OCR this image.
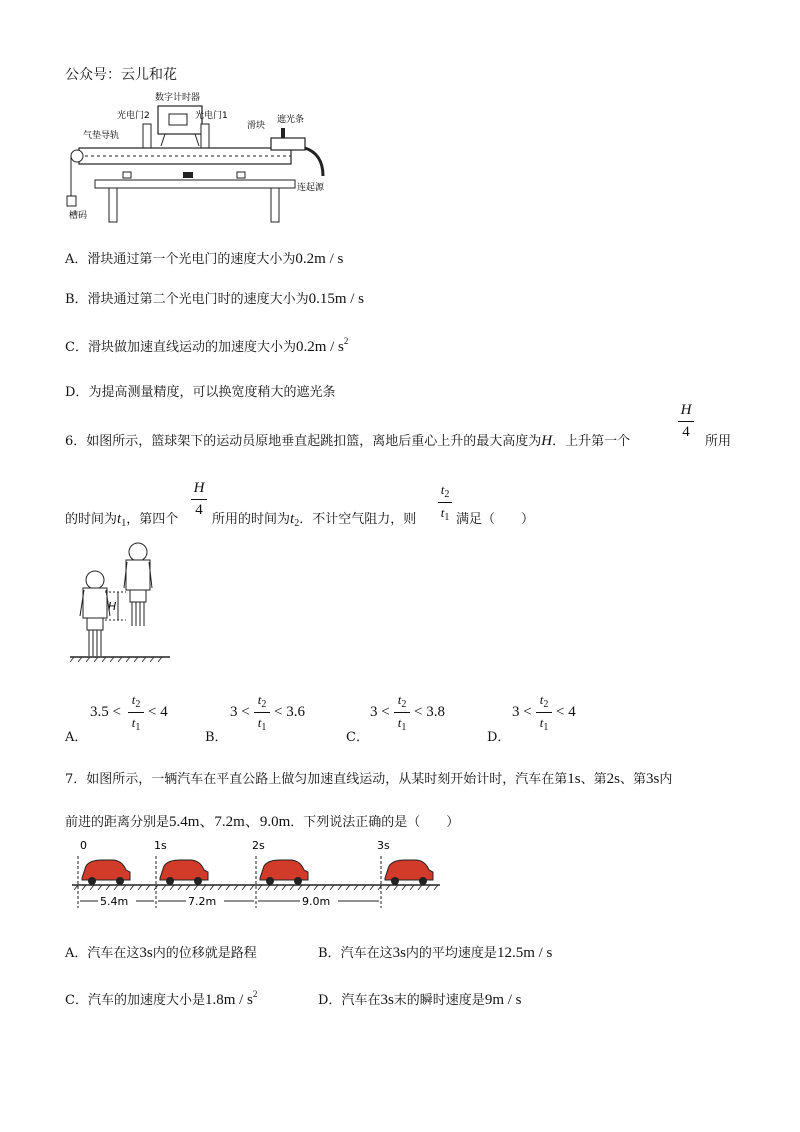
公众号：云儿和花
数字计时器
光电门2	光电门1
滑块
遮光条
气垫导轨
连起源
槽码
A．滑块通过第一个光电门的速度大小为0.2m / s
B．滑块通过第二个光电门时的速度大小为0.15m / s
C．滑块做加速直线运动的加速度大小为$0.2m / s^2$
D．为提高测量精度，可以换宽度稍大的遮光条
6．如图所示，篮球架下的运动员原地垂直起跳扣篮，离地后重心上升的最大高度为H．上升第一个
H
4
所用
的时间为$t_1$，第四个
H
4
所用的时间为$t_2$．不计空气阻力，则
$t_2$
$t_1$ 满足（　　）
H
A．
3.5 <
$t_2$
$t_1$
< 4
B．
3 <
$t_2$
$t_1$
< 3.6
C．
3 <
$t_2$
$t_1$
< 3.8
D．
3 <
$t_2$
$t_1$
< 4
7．如图所示，一辆汽车在平直公路上做匀加速直线运动，从某时刻开始计时，汽车在第1s、第2s、第3s内
前进的距离分别是5.4m、7.2m、9.0m．下列说法正确的是（　　）
0	1s	2s	3s
5.4m	7.2m	9.0m
A．汽车在这3s内的位移就是路程	B．汽车在这3s内的平均速度是12.5m / s
C．汽车的加速度大小是$1.8m / s^2$	D．汽车在3s末的瞬时速度是9m / s
